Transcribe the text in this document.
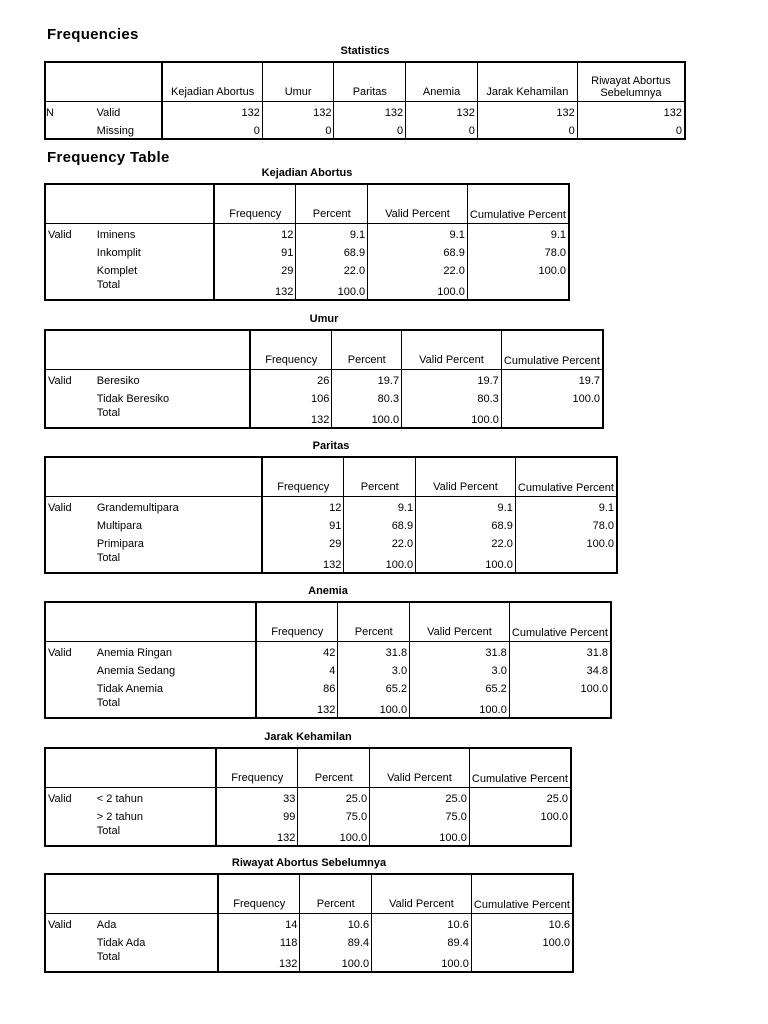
Frequencies
Statistics
		Kejadian Abortus	Umur	Paritas	Anemia	Jarak Kehamilan	Riwayat Abortus Sebelumnya
N	Valid	132	132	132	132	132	132
	Missing	0	0	0	0	0	0
Frequency Table
Kejadian Abortus
			Frequency	Percent	Valid Percent	Cumulative Percent
Valid	Iminens		12	9.1	9.1	9.1
	Inkomplit		91	68.9	68.9	78.0
	Komplet		29	22.0	22.0	100.0
	Total		132	100.0	100.0	
Umur
			Frequency	Percent	Valid Percent	Cumulative Percent
Valid	Beresiko		26	19.7	19.7	19.7
	Tidak Beresiko		106	80.3	80.3	100.0
	Total		132	100.0	100.0	
Paritas
			Frequency	Percent	Valid Percent	Cumulative Percent
Valid	Grandemultipara		12	9.1	9.1	9.1
	Multipara		91	68.9	68.9	78.0
	Primipara		29	22.0	22.0	100.0
	Total		132	100.0	100.0	
Anemia
			Frequency	Percent	Valid Percent	Cumulative Percent
Valid	Anemia Ringan		42	31.8	31.8	31.8
	Anemia Sedang		4	3.0	3.0	34.8
	Tidak Anemia		86	65.2	65.2	100.0
	Total		132	100.0	100.0	
Jarak Kehamilan
			Frequency	Percent	Valid Percent	Cumulative Percent
Valid	< 2 tahun		33	25.0	25.0	25.0
	> 2 tahun		99	75.0	75.0	100.0
	Total		132	100.0	100.0	
Riwayat Abortus Sebelumnya
			Frequency	Percent	Valid Percent	Cumulative Percent
Valid	Ada		14	10.6	10.6	10.6
	Tidak Ada		118	89.4	89.4	100.0
	Total		132	100.0	100.0	
